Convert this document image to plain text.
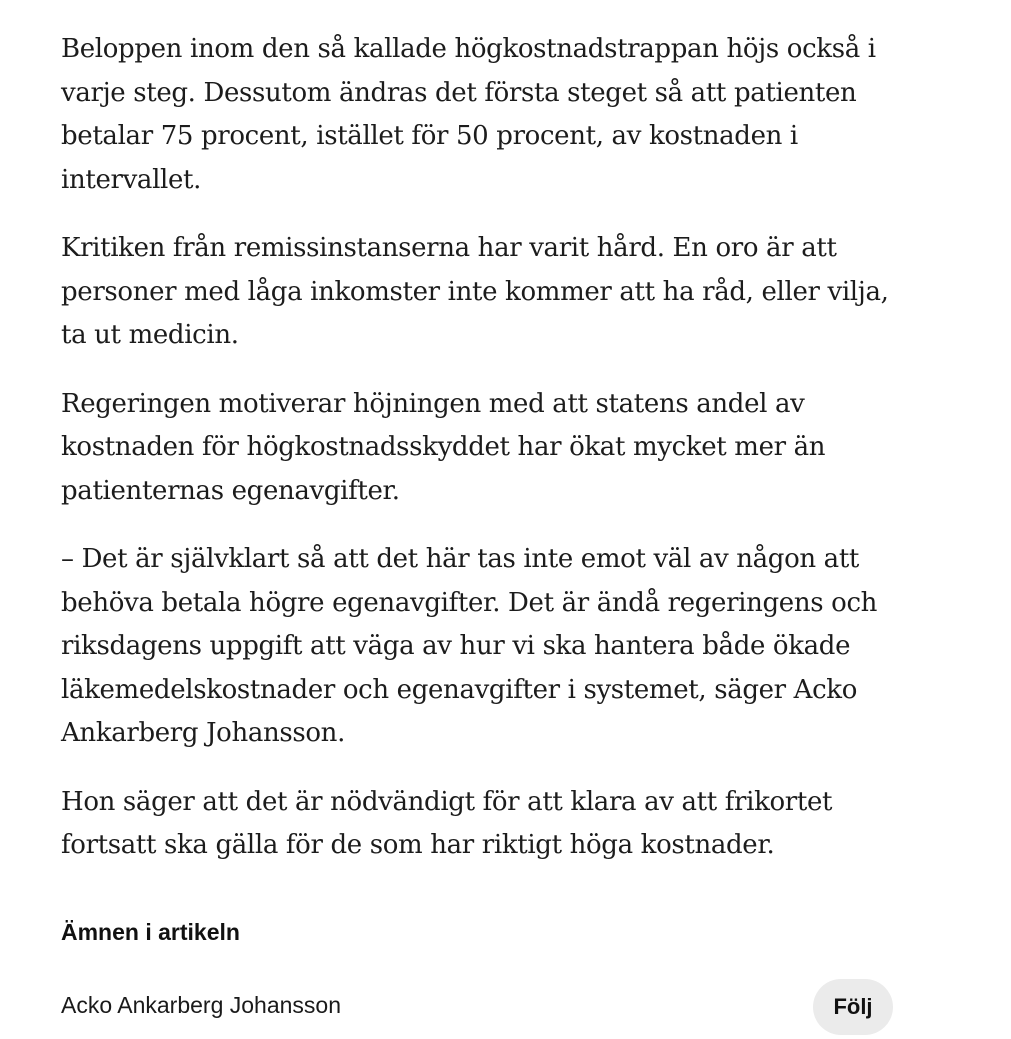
Beloppen inom den så kallade högkostnadstrappan höjs också i varje steg. Dessutom ändras det första steget så att patienten betalar 75 procent, istället för 50 procent, av kostnaden i intervallet.

Kritiken från remissinstanserna har varit hård. En oro är att personer med låga inkomster inte kommer att ha råd, eller vilja, ta ut medicin.

Regeringen motiverar höjningen med att statens andel av kostnaden för högkostnadsskyddet har ökat mycket mer än patienternas egenavgifter.

– Det är självklart så att det här tas inte emot väl av någon att behöva betala högre egenavgifter. Det är ändå regeringens och riksdagens uppgift att väga av hur vi ska hantera både ökade läkemedelskostnader och egenavgifter i systemet, säger Acko Ankarberg Johansson.

Hon säger att det är nödvändigt för att klara av att frikortet fortsatt ska gälla för de som har riktigt höga kostnader.

Ämnen i artikeln
Acko Ankarberg Johansson	Följ
